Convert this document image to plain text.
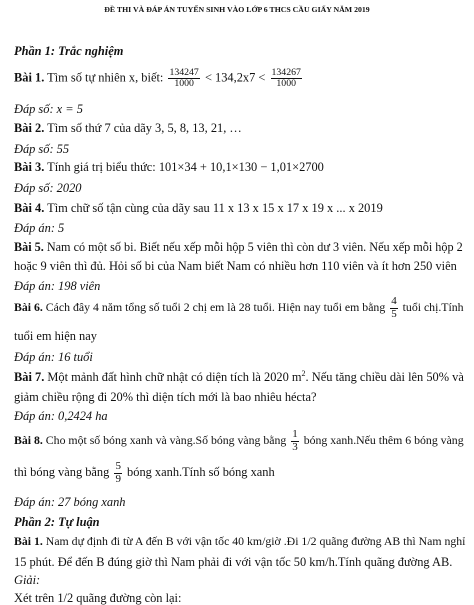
ĐỀ THI VÀ ĐÁP ÁN TUYỂN SINH VÀO LỚP 6 THCS CẦU GIẤY NĂM 2019
Phần 1: Trắc nghiệm
Bài 1. Tìm số tự nhiên x, biết: $\frac{134247}{1000} < 134,2x7 < \frac{134267}{1000}$
Đáp số: x = 5
Bài 2. Tìm số thứ 7 của dãy 3, 5, 8, 13, 21, …
Đáp số: 55
Bài 3. Tính giá trị biểu thức: 101×34 + 10,1×130 − 1,01×2700
Đáp số: 2020
Bài 4. Tìm chữ số tận cùng của dãy sau 11 x 13 x 15 x 17 x 19 x ... x 2019
Đáp án: 5
Bài 5. Nam có một số bi. Biết nếu xếp mỗi hộp 5 viên thì còn dư 3 viên. Nếu xếp mỗi hộp 2
hoặc 9 viên thì đủ. Hỏi số bi của Nam biết Nam có nhiều hơn 110 viên và ít hơn 250 viên
Đáp án: 198 viên
Bài 6. Cách đây 4 năm tổng số tuổi 2 chị em là 28 tuổi. Hiện nay tuổi em bằng $\frac{4}{5}$ tuổi chị.Tính
tuổi em hiện nay
Đáp án: 16 tuổi
Bài 7. Một mảnh đất hình chữ nhật có diện tích là 2020 $m^2$. Nếu tăng chiều dài lên 50% và
giảm chiều rộng đi 20% thì diện tích mới là bao nhiêu hécta?
Đáp án: 0,2424 ha
Bài 8. Cho một số bóng xanh và vàng.Số bóng vàng bằng $\frac{1}{3}$ bóng xanh.Nếu thêm 6 bóng vàng
thì bóng vàng bằng $\frac{5}{9}$ bóng xanh.Tính số bóng xanh
Đáp án: 27 bóng xanh
Phần 2: Tự luận
Bài 1. Nam dự định đi từ A đến B với vận tốc 40 km/giờ .Đi 1/2 quãng đường AB thì Nam nghỉ
15 phút. Để đến B đúng giờ thì Nam phải đi với vận tốc 50 km/h.Tính quãng đường AB.
Giải:
Xét trên 1/2 quãng đường còn lại:
